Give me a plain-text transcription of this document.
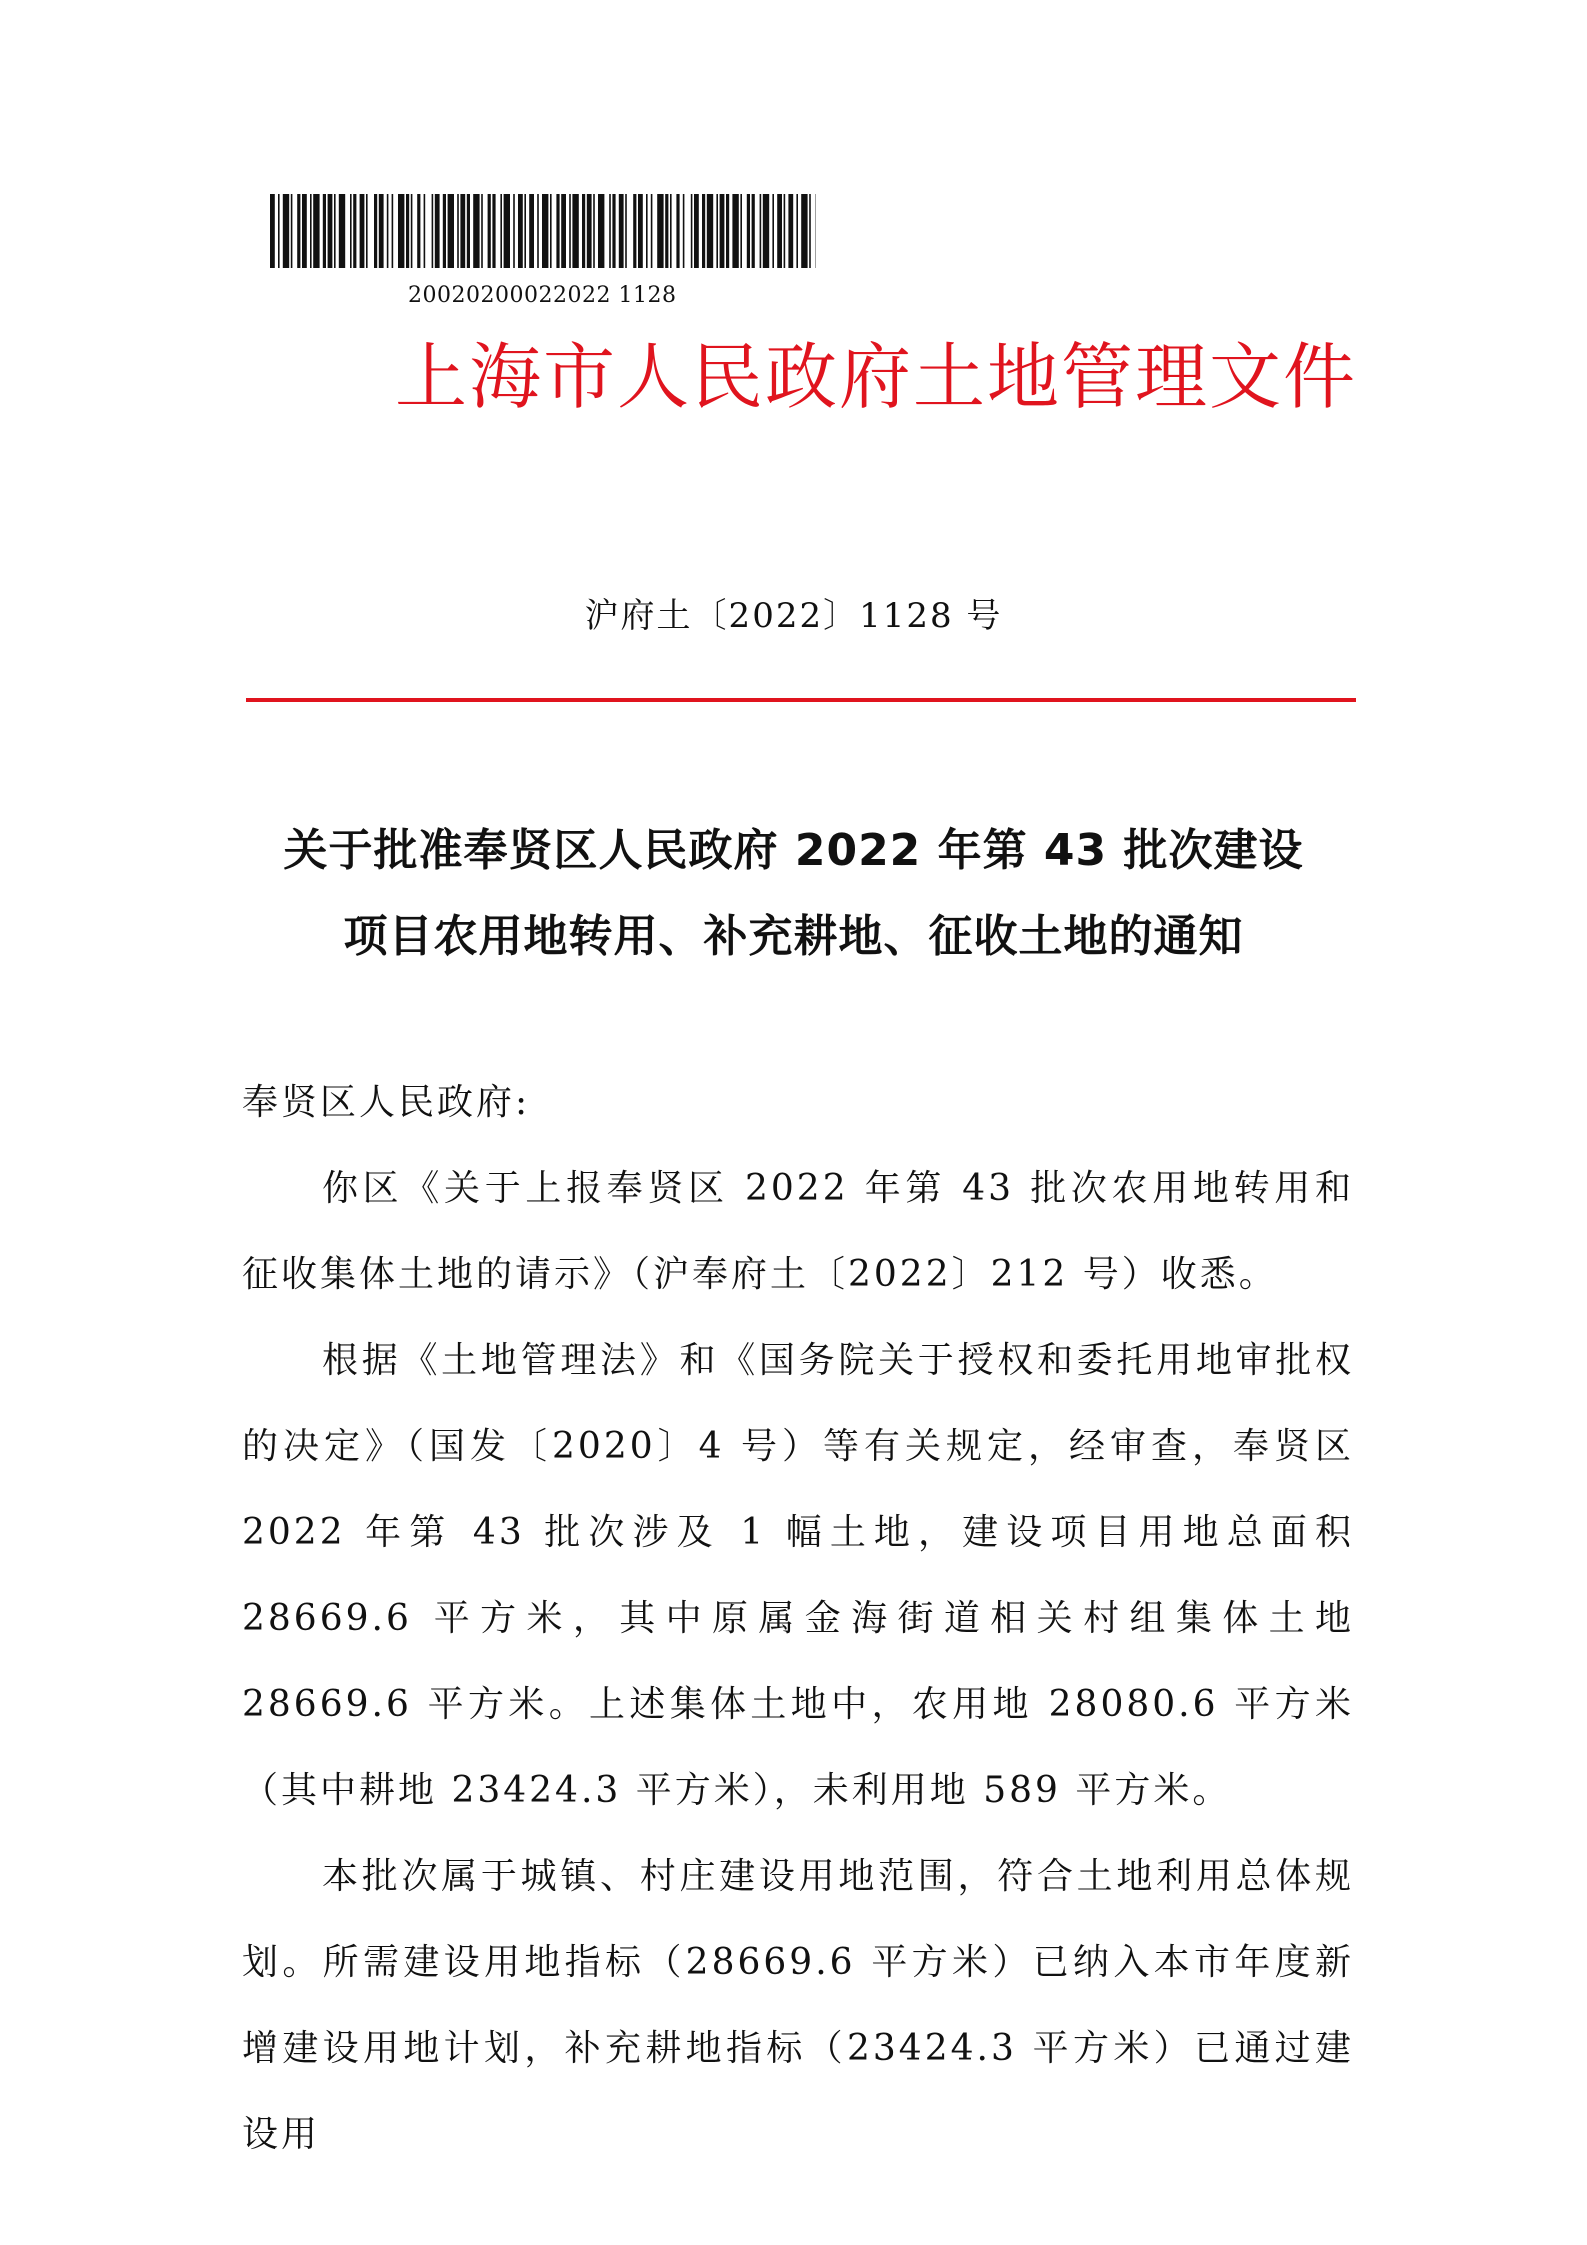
20020200022022 1128
上海市人民政府土地管理文件
沪府土〔2022〕1128 号
关于批准奉贤区人民政府 2022 年第 43 批次建设
项目农用地转用、补充耕地、征收土地的通知

奉贤区人民政府:

你区《关于上报奉贤区 2022 年第 43 批次农用地转用和征收集体土地的请示》（沪奉府土〔2022〕212 号）收悉。

根据《土地管理法》和《国务院关于授权和委托用地审批权的决定》（国发〔2020〕4 号）等有关规定，经审查，奉贤区 2022 年第 43 批次涉及 1 幅土地，建设项目用地总面积 28669.6 平方米，其中原属金海街道相关村组集体土地 28669.6 平方米。上述集体土地中，农用地 28080.6 平方米（其中耕地 23424.3 平方米），未利用地 589 平方米。

本批次属于城镇、村庄建设用地范围，符合土地利用总体规划。所需建设用地指标（28669.6 平方米）已纳入本市年度新增建设用地计划，补充耕地指标（23424.3 平方米）已通过建设用
